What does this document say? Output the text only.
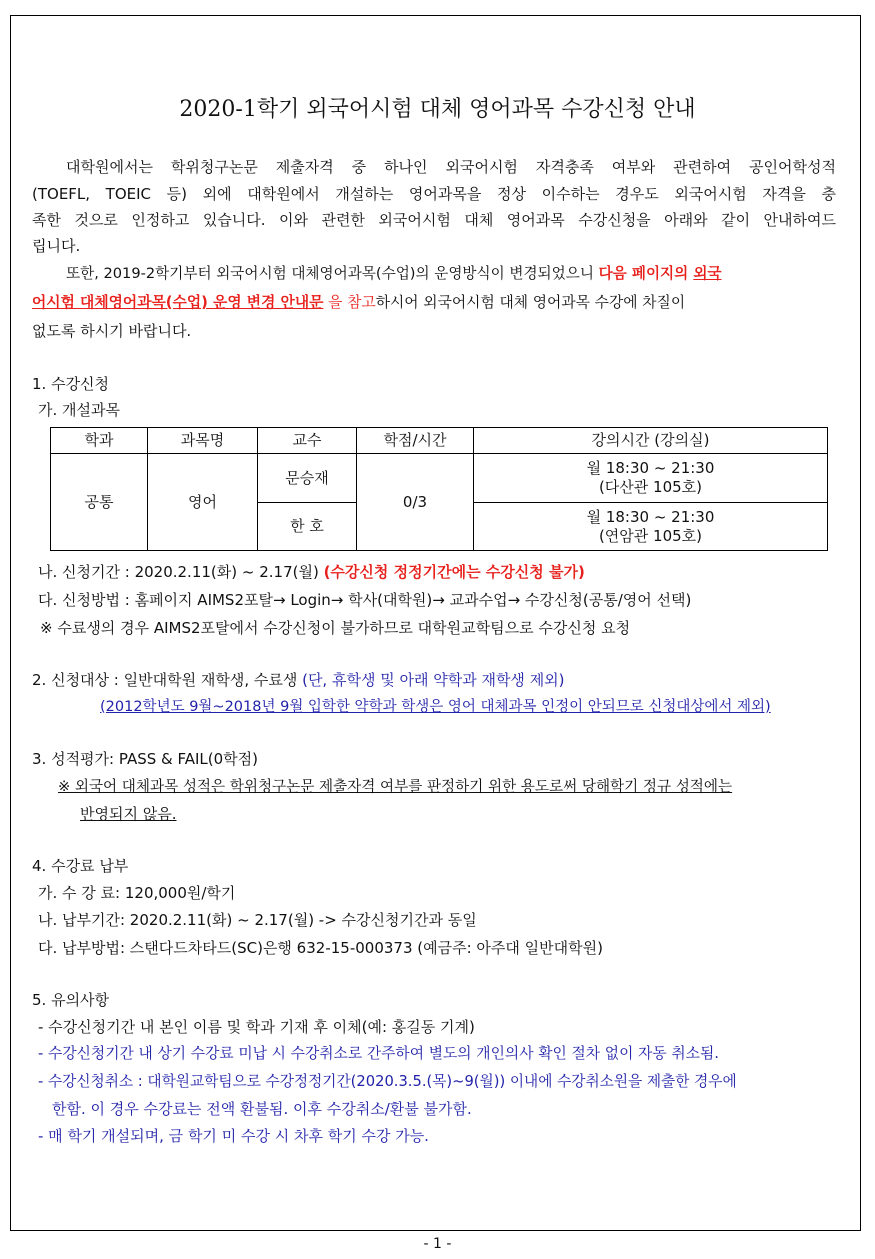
2020-1학기 외국어시험 대체 영어과목 수강신청 안내
대학원에서는 학위청구논문 제출자격 중 하나인 외국어시험 자격충족 여부와 관련하여 공인어학성적
(TOEFL, TOEIC 등) 외에 대학원에서 개설하는 영어과목을 정상 이수하는 경우도 외국어시험 자격을 충
족한 것으로 인정하고 있습니다. 이와 관련한 외국어시험 대체 영어과목 수강신청을 아래와 같이 안내하여드
립니다.
또한, 2019-2학기부터 외국어시험 대체영어과목(수업)의 운영방식이 변경되었으니 다음 페이지의 외국
어시험 대체영어과목(수업) 운영 변경 안내문 을 참고하시어 외국어시험 대체 영어과목 수강에 차질이
없도록 하시기 바랍니다.
1. 수강신청
가. 개설과목
학과	과목명	교수	학점/시간	강의시간 (강의실)
공통	영어	문승재	0/3	월 18:30 ~ 21:30
(다산관 105호)

		한 호		월 18:30 ~ 21:30
(연암관 105호)
나. 신청기간 : 2020.2.11(화) ~ 2.17(월) (수강신청 정정기간에는 수강신청 불가)
다. 신청방법 : 홈페이지 AIMS2포탈→ Login→ 학사(대학원)→ 교과수업→ 수강신청(공통/영어 선택)
※ 수료생의 경우 AIMS2포탈에서 수강신청이 불가하므로 대학원교학팀으로 수강신청 요청
2. 신청대상 : 일반대학원 재학생, 수료생 (단, 휴학생 및 아래 약학과 재학생 제외)
(2012학년도 9월~2018년 9월 입학한 약학과 학생은 영어 대체과목 인정이 안되므로 신청대상에서 제외)
3. 성적평가: PASS & FAIL(0학점)
※ 외국어 대체과목 성적은 학위청구논문 제출자격 여부를 판정하기 위한 용도로써 당해학기 정규 성적에는
반영되지 않음.
4. 수강료 납부
가. 수 강 료: 120,000원/학기
나. 납부기간: 2020.2.11(화) ~ 2.17(월) -> 수강신청기간과 동일
다. 납부방법: 스탠다드차타드(SC)은행 632-15-000373 (예금주: 아주대 일반대학원)
5. 유의사항
- 수강신청기간 내 본인 이름 및 학과 기재 후 이체(예: 홍길동 기계)
- 수강신청기간 내 상기 수강료 미납 시 수강취소로 간주하여 별도의 개인의사 확인 절차 없이 자동 취소됨.
- 수강신청취소 : 대학원교학팀으로 수강정정기간(2020.3.5.(목)~9(월)) 이내에 수강취소원을 제출한 경우에
한함. 이 경우 수강료는 전액 환불됨. 이후 수강취소/환불 불가함.
- 매 학기 개설되며, 금 학기 미 수강 시 차후 학기 수강 가능.
- 1 -
